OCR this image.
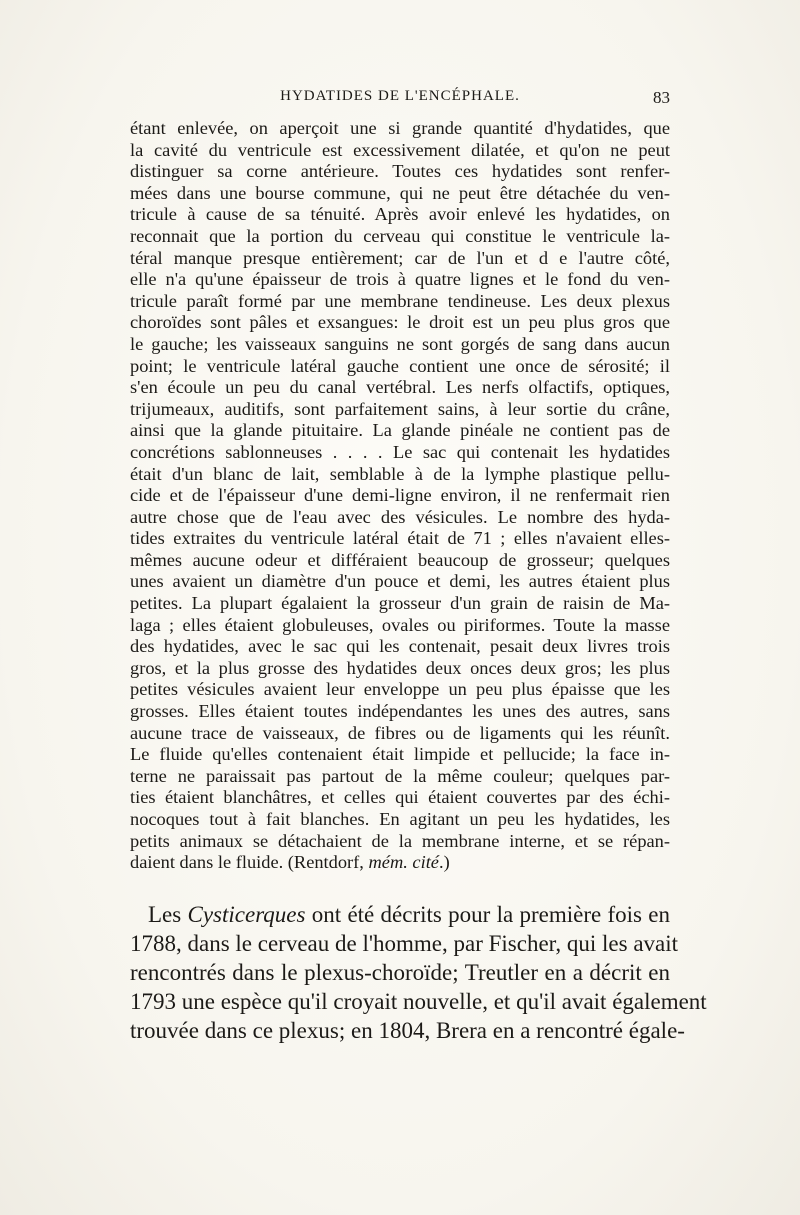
HYDATIDES DE L'ENCÉPHALE.	83

étant enlevée, on aperçoit une si grande quantité d'hydatides, que
la cavité du ventricule est excessivement dilatée, et qu'on ne peut
distinguer sa corne antérieure. Toutes ces hydatides sont renfer-
mées dans une bourse commune, qui ne peut être détachée du ven-
tricule à cause de sa ténuité. Après avoir enlevé les hydatides, on
reconnait que la portion du cerveau qui constitue le ventricule la-
téral manque presque entièrement; car de l'un et d e l'autre côté,
elle n'a qu'une épaisseur de trois à quatre lignes et le fond du ven-
tricule paraît formé par une membrane tendineuse. Les deux plexus
choroïdes sont pâles et exsangues: le droit est un peu plus gros que
le gauche; les vaisseaux sanguins ne sont gorgés de sang dans aucun
point; le ventricule latéral gauche contient une once de sérosité; il
s'en écoule un peu du canal vertébral. Les nerfs olfactifs, optiques,
trijumeaux, auditifs, sont parfaitement sains, à leur sortie du crâne,
ainsi que la glande pituitaire. La glande pinéale ne contient pas de
concrétions sablonneuses . . . . Le sac qui contenait les hydatides
était d'un blanc de lait, semblable à de la lymphe plastique pellu-
cide et de l'épaisseur d'une demi-ligne environ, il ne renfermait rien
autre chose que de l'eau avec des vésicules. Le nombre des hyda-
tides extraites du ventricule latéral était de 71 ; elles n'avaient elles-
mêmes aucune odeur et différaient beaucoup de grosseur; quelques
unes avaient un diamètre d'un pouce et demi, les autres étaient plus
petites. La plupart égalaient la grosseur d'un grain de raisin de Ma-
laga ; elles étaient globuleuses, ovales ou piriformes. Toute la masse
des hydatides, avec le sac qui les contenait, pesait deux livres trois
gros, et la plus grosse des hydatides deux onces deux gros; les plus
petites vésicules avaient leur enveloppe un peu plus épaisse que les
grosses. Elles étaient toutes indépendantes les unes des autres, sans
aucune trace de vaisseaux, de fibres ou de ligaments qui les réunît.
Le fluide qu'elles contenaient était limpide et pellucide; la face in-
terne ne paraissait pas partout de la même couleur; quelques par-
ties étaient blanchâtres, et celles qui étaient couvertes par des échi-
nocoques tout à fait blanches. En agitant un peu les hydatides, les
petits animaux se détachaient de la membrane interne, et se répan-
daient dans le fluide. (Rentdorf, mém. cité.)

Les Cysticerques ont été décrits pour la première fois en
1788, dans le cerveau de l'homme, par Fischer, qui les avait
rencontrés dans le plexus-choroïde; Treutler en a décrit en
1793 une espèce qu'il croyait nouvelle, et qu'il avait également
trouvée dans ce plexus; en 1804, Brera en a rencontré égale-
